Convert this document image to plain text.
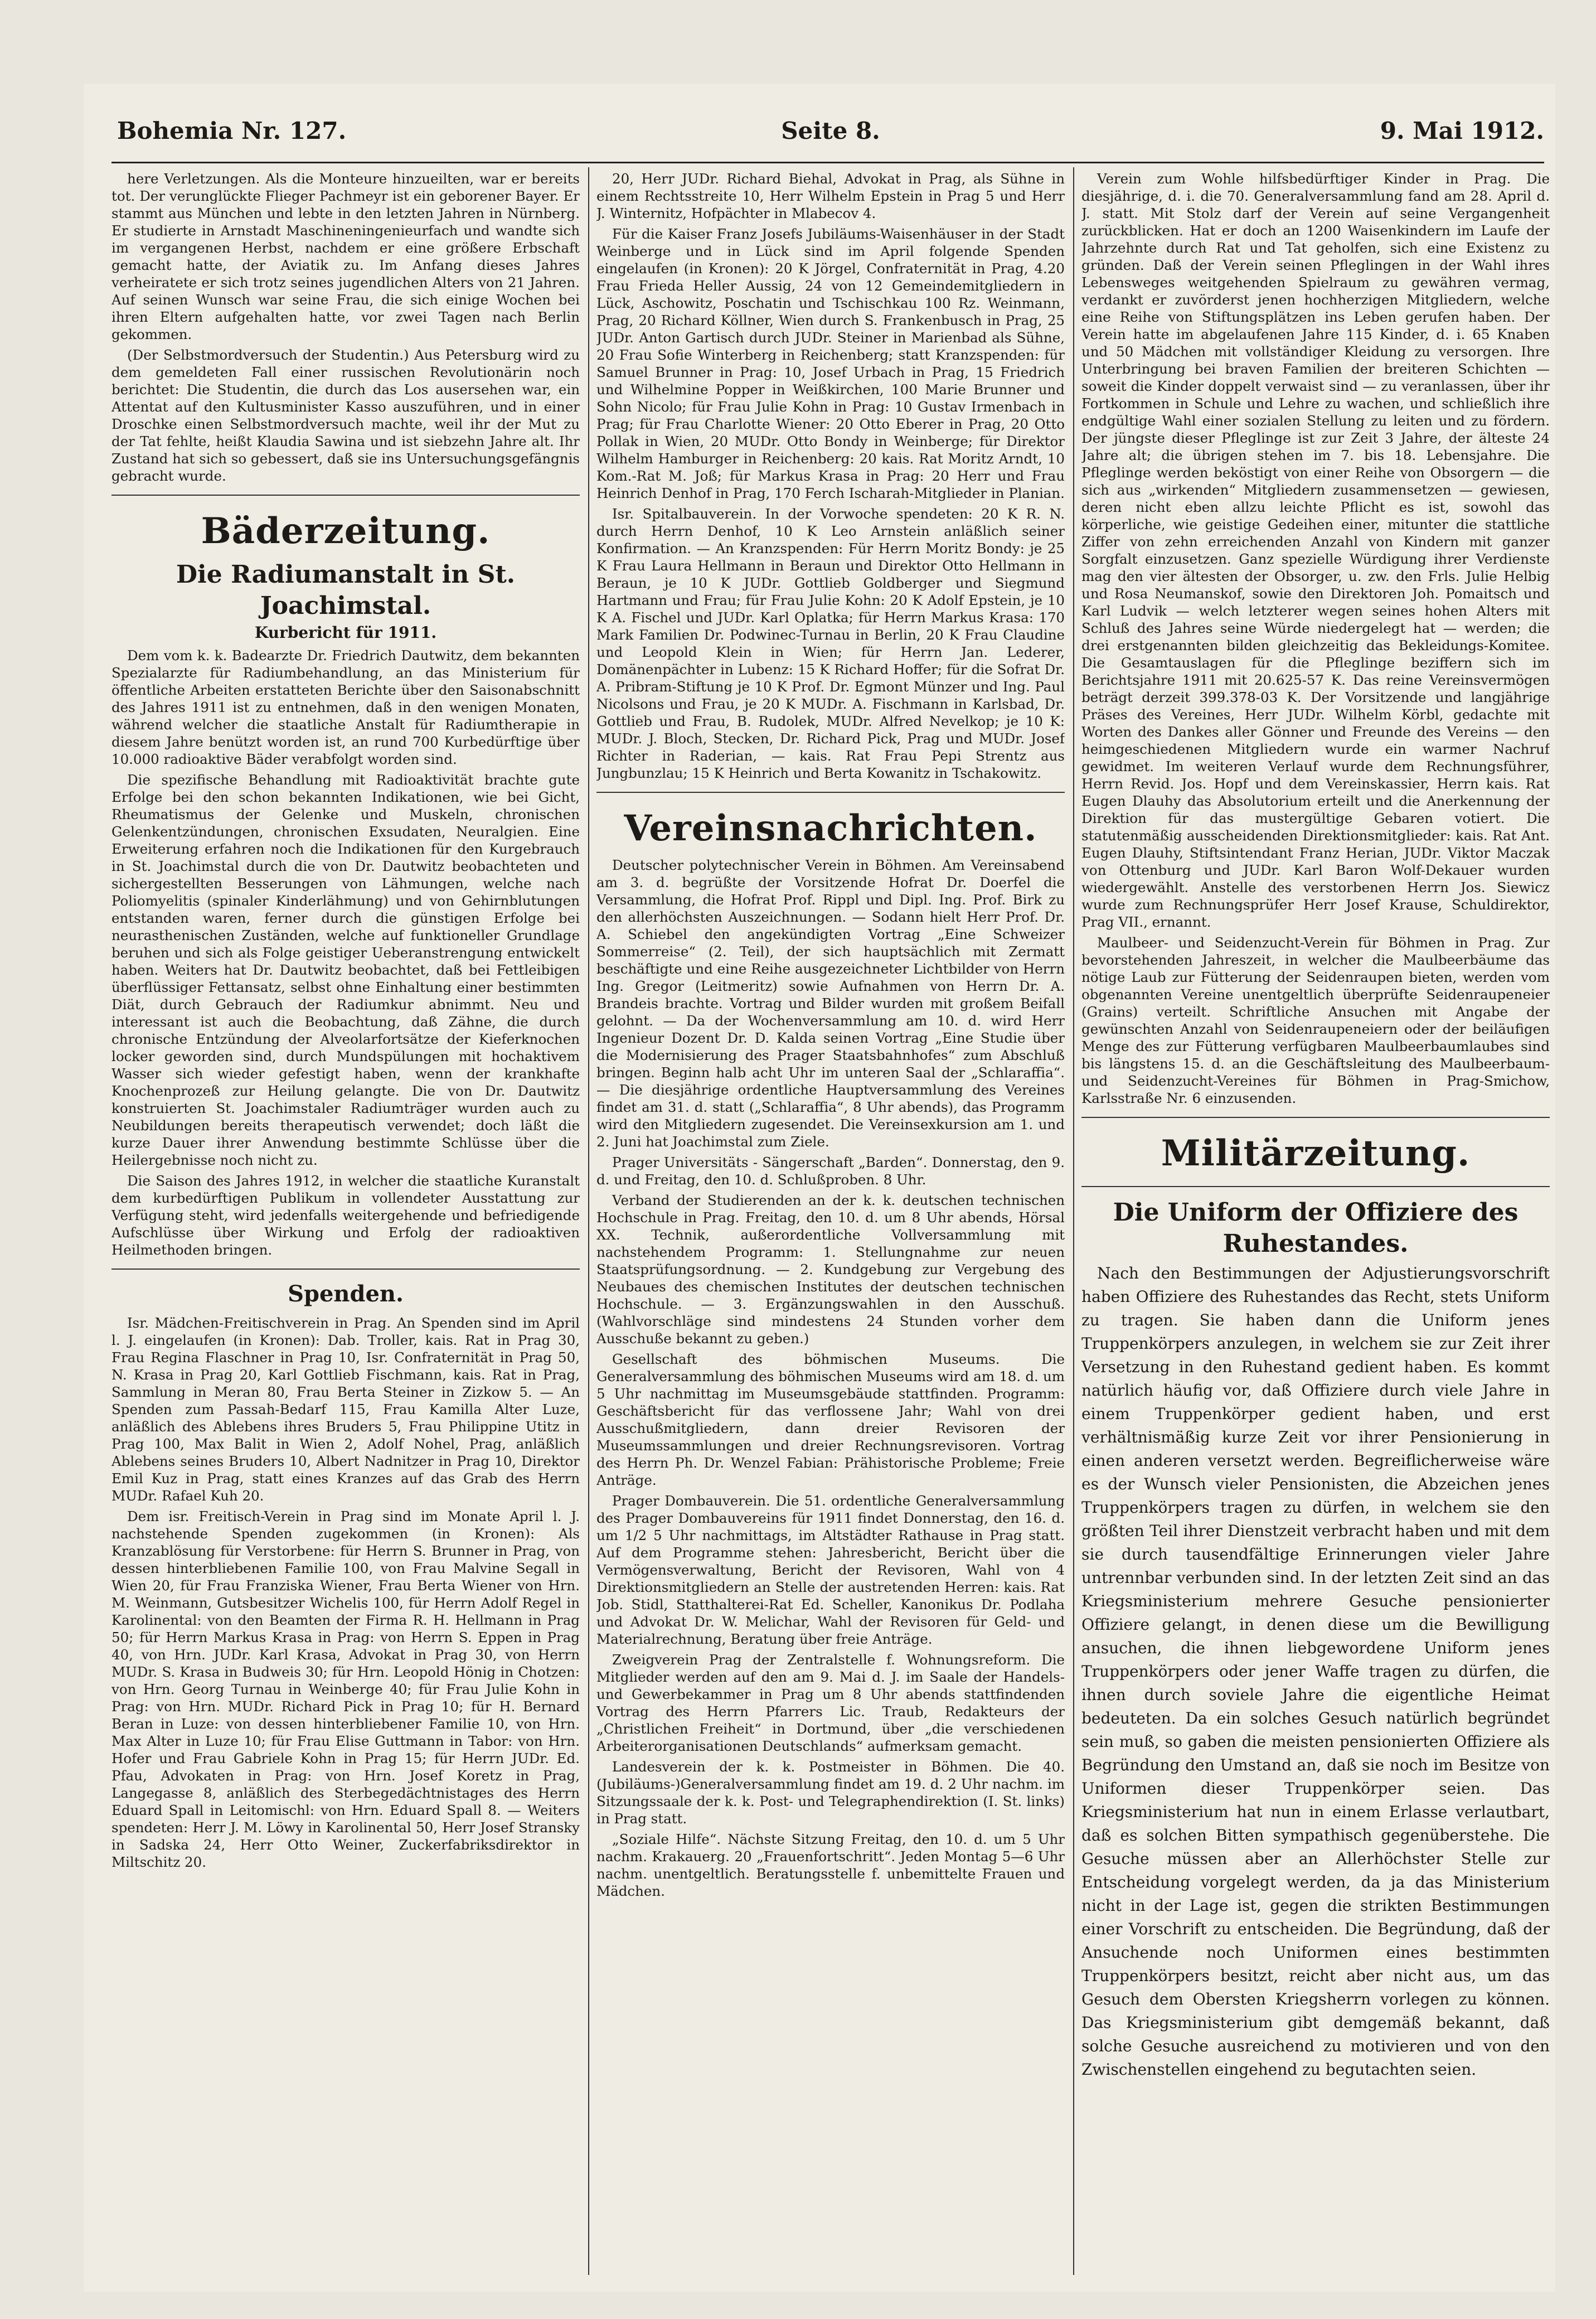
Bohemia Nr. 127.	Seite 8.	9. Mai 1912.

here Verletzungen. Als die Monteure hinzueilten, war er bereits tot. Der verunglückte Flieger Pachmeyr ist ein geborener Bayer. Er stammt aus München und lebte in den letzten Jahren in Nürnberg. Er studierte in Arnstadt Maschineningenieurfach und wandte sich im vergangenen Herbst, nachdem er eine größere Erbschaft gemacht hatte, der Aviatik zu. Im Anfang dieses Jahres verheiratete er sich trotz seines jugendlichen Alters von 21 Jahren. Auf seinen Wunsch war seine Frau, die sich einige Wochen bei ihren Eltern aufgehalten hatte, vor zwei Tagen nach Berlin gekommen.

(Der Selbstmordversuch der Studentin.) Aus Petersburg wird zu dem gemeldeten Fall einer russischen Revolutionärin noch berichtet: Die Studentin, die durch das Los ausersehen war, ein Attentat auf den Kultusminister Kasso auszuführen, und in einer Droschke einen Selbstmordversuch machte, weil ihr der Mut zu der Tat fehlte, heißt Klaudia Sawina und ist siebzehn Jahre alt. Ihr Zustand hat sich so gebessert, daß sie ins Untersuchungsgefängnis gebracht wurde.

Bäderzeitung.
Die Radiumanstalt in St. Joachimstal.
Kurbericht für 1911.

Dem vom k. k. Badearzte Dr. Friedrich Dautwitz, dem bekannten Spezialarzte für Radiumbehandlung, an das Ministerium für öffentliche Arbeiten erstatteten Berichte über den Saisonabschnitt des Jahres 1911 ist zu entnehmen, daß in den wenigen Monaten, während welcher die staatliche Anstalt für Radiumtherapie in diesem Jahre benützt worden ist, an rund 700 Kurbedürftige über 10.000 radioaktive Bäder verabfolgt worden sind.

Die spezifische Behandlung mit Radioaktivität brachte gute Erfolge bei den schon bekannten Indikationen, wie bei Gicht, Rheumatismus der Gelenke und Muskeln, chronischen Gelenkentzündungen, chronischen Exsudaten, Neuralgien. Eine Erweiterung erfahren noch die Indikationen für den Kurgebrauch in St. Joachimstal durch die von Dr. Dautwitz beobachteten und sichergestellten Besserungen von Lähmungen, welche nach Poliomyelitis (spinaler Kinderlähmung) und von Gehirnblutungen entstanden waren, ferner durch die günstigen Erfolge bei neurasthenischen Zuständen, welche auf funktioneller Grundlage beruhen und sich als Folge geistiger Ueberanstrengung entwickelt haben. Weiters hat Dr. Dautwitz beobachtet, daß bei Fettleibigen überflüssiger Fettansatz, selbst ohne Einhaltung einer bestimmten Diät, durch Gebrauch der Radiumkur abnimmt. Neu und interessant ist auch die Beobachtung, daß Zähne, die durch chronische Entzündung der Alveolarfortsätze der Kieferknochen locker geworden sind, durch Mundspülungen mit hochaktivem Wasser sich wieder gefestigt haben, wenn der krankhafte Knochenprozeß zur Heilung gelangte. Die von Dr. Dautwitz konstruierten St. Joachimstaler Radiumträger wurden auch zu Neubildungen bereits therapeutisch verwendet; doch läßt die kurze Dauer ihrer Anwendung bestimmte Schlüsse über die Heilergebnisse noch nicht zu.

Die Saison des Jahres 1912, in welcher die staatliche Kuranstalt dem kurbedürftigen Publikum in vollendeter Ausstattung zur Verfügung steht, wird jedenfalls weitergehende und befriedigende Aufschlüsse über Wirkung und Erfolg der radioaktiven Heilmethoden bringen.

Spenden.

Isr. Mädchen-Freitischverein in Prag. An Spenden sind im April l. J. eingelaufen (in Kronen): Dab. Troller, kais. Rat in Prag 30, Frau Regina Flaschner in Prag 10, Isr. Confraternität in Prag 50, N. Krasa in Prag 20, Karl Gottlieb Fischmann, kais. Rat in Prag, Sammlung in Meran 80, Frau Berta Steiner in Zizkow 5. — An Spenden zum Passah-Bedarf 115, Frau Kamilla Alter Luze, anläßlich des Ablebens ihres Bruders 5, Frau Philippine Utitz in Prag 100, Max Balit in Wien 2, Adolf Nohel, Prag, anläßlich Ablebens seines Bruders 10, Albert Nadnitzer in Prag 10, Direktor Emil Kuz in Prag, statt eines Kranzes auf das Grab des Herrn MUDr. Rafael Kuh 20.

Dem isr. Freitisch-Verein in Prag sind im Monate April l. J. nachstehende Spenden zugekommen (in Kronen): Als Kranzablösung für Verstorbene: für Herrn S. Brunner in Prag, von dessen hinterbliebenen Familie 100, von Frau Malvine Segall in Wien 20, für Frau Franziska Wiener, Frau Berta Wiener von Hrn. M. Weinmann, Gutsbesitzer Wichelis 100, für Herrn Adolf Regel in Karolinental: von den Beamten der Firma R. H. Hellmann in Prag 50; für Herrn Markus Krasa in Prag: von Herrn S. Eppen in Prag 40, von Hrn. JUDr. Karl Krasa, Advokat in Prag 30, von Herrn MUDr. S. Krasa in Budweis 30; für Hrn. Leopold Hönig in Chotzen: von Hrn. Georg Turnau in Weinberge 40; für Frau Julie Kohn in Prag: von Hrn. MUDr. Richard Pick in Prag 10; für H. Bernard Beran in Luze: von dessen hinterbliebener Familie 10, von Hrn. Max Alter in Luze 10; für Frau Elise Guttmann in Tabor: von Hrn. Hofer und Frau Gabriele Kohn in Prag 15; für Herrn JUDr. Ed. Pfau, Advokaten in Prag: von Hrn. Josef Koretz in Prag, Langegasse 8, anläßlich des Sterbegedächtnistages des Herrn Eduard Spall in Leitomischl: von Hrn. Eduard Spall 8. — Weiters spendeten: Herr J. M. Löwy in Karolinental 50, Herr Josef Stransky in Sadska 24, Herr Otto Weiner, Zuckerfabriksdirektor in Miltschitz 20.

20, Herr JUDr. Richard Biehal, Advokat in Prag, als Sühne in einem Rechtsstreite 10, Herr Wilhelm Epstein in Prag 5 und Herr J. Winternitz, Hofpächter in Mlabecov 4.

Für die Kaiser Franz Josefs Jubiläums-Waisenhäuser in der Stadt Weinberge und in Lück sind im April folgende Spenden eingelaufen (in Kronen): 20 K Jörgel, Confraternität in Prag, 4.20 Frau Frieda Heller Aussig, 24 von 12 Gemeindemitgliedern in Lück, Aschowitz, Poschatin und Tschischkau 100 Rz. Weinmann, Prag, 20 Richard Köllner, Wien durch S. Frankenbusch in Prag, 25 JUDr. Anton Gartisch durch JUDr. Steiner in Marienbad als Sühne, 20 Frau Sofie Winterberg in Reichenberg; statt Kranzspenden: für Samuel Brunner in Prag: 10, Josef Urbach in Prag, 15 Friedrich und Wilhelmine Popper in Weißkirchen, 100 Marie Brunner und Sohn Nicolo; für Frau Julie Kohn in Prag: 10 Gustav Irmenbach in Prag; für Frau Charlotte Wiener: 20 Otto Eberer in Prag, 20 Otto Pollak in Wien, 20 MUDr. Otto Bondy in Weinberge; für Direktor Wilhelm Hamburger in Reichenberg: 20 kais. Rat Moritz Arndt, 10 Kom.-Rat M. Joß; für Markus Krasa in Prag: 20 Herr und Frau Heinrich Denhof in Prag, 170 Ferch Ischarah-Mitglieder in Planian.

Isr. Spitalbauverein. In der Vorwoche spendeten: 20 K R. N. durch Herrn Denhof, 10 K Leo Arnstein anläßlich seiner Konfirmation. — An Kranzspenden: Für Herrn Moritz Bondy: je 25 K Frau Laura Hellmann in Beraun und Direktor Otto Hellmann in Beraun, je 10 K JUDr. Gottlieb Goldberger und Siegmund Hartmann und Frau; für Frau Julie Kohn: 20 K Adolf Epstein, je 10 K A. Fischel und JUDr. Karl Oplatka; für Herrn Markus Krasa: 170 Mark Familien Dr. Podwinec-Turnau in Berlin, 20 K Frau Claudine und Leopold Klein in Wien; für Herrn Jan. Lederer, Domänenpächter in Lubenz: 15 K Richard Hoffer; für die Sofrat Dr. A. Pribram-Stiftung je 10 K Prof. Dr. Egmont Münzer und Ing. Paul Nicolsons und Frau, je 20 K MUDr. A. Fischmann in Karlsbad, Dr. Gottlieb und Frau, B. Rudolek, MUDr. Alfred Nevelkop; je 10 K: MUDr. J. Bloch, Stecken, Dr. Richard Pick, Prag und MUDr. Josef Richter in Raderian, — kais. Rat Frau Pepi Strentz aus Jungbunzlau; 15 K Heinrich und Berta Kowanitz in Tschakowitz.

Vereinsnachrichten.

Deutscher polytechnischer Verein in Böhmen. Am Vereinsabend am 3. d. begrüßte der Vorsitzende Hofrat Dr. Doerfel die Versammlung, die Hofrat Prof. Rippl und Dipl. Ing. Prof. Birk zu den allerhöchsten Auszeichnungen. — Sodann hielt Herr Prof. Dr. A. Schiebel den angekündigten Vortrag „Eine Schweizer Sommerreise“ (2. Teil), der sich hauptsächlich mit Zermatt beschäftigte und eine Reihe ausgezeichneter Lichtbilder von Herrn Ing. Gregor (Leitmeritz) sowie Aufnahmen von Herrn Dr. A. Brandeis brachte. Vortrag und Bilder wurden mit großem Beifall gelohnt. — Da der Wochenversammlung am 10. d. wird Herr Ingenieur Dozent Dr. D. Kalda seinen Vortrag „Eine Studie über die Modernisierung des Prager Staatsbahnhofes“ zum Abschluß bringen. Beginn halb acht Uhr im unteren Saal der „Schlaraffia“. — Die diesjährige ordentliche Hauptversammlung des Vereines findet am 31. d. statt („Schlaraffia“, 8 Uhr abends), das Programm wird den Mitgliedern zugesendet. Die Vereinsexkursion am 1. und 2. Juni hat Joachimstal zum Ziele.

Prager Universitäts - Sängerschaft „Barden“. Donnerstag, den 9. d. und Freitag, den 10. d. Schlußproben. 8 Uhr.

Verband der Studierenden an der k. k. deutschen technischen Hochschule in Prag. Freitag, den 10. d. um 8 Uhr abends, Hörsal XX. Technik, außerordentliche Vollversammlung mit nachstehendem Programm: 1. Stellungnahme zur neuen Staatsprüfungsordnung. — 2. Kundgebung zur Vergebung des Neubaues des chemischen Institutes der deutschen technischen Hochschule. — 3. Ergänzungswahlen in den Ausschuß. (Wahlvorschläge sind mindestens 24 Stunden vorher dem Ausschuße bekannt zu geben.)

Gesellschaft des böhmischen Museums. Die Generalversammlung des böhmischen Museums wird am 18. d. um 5 Uhr nachmittag im Museumsgebäude stattfinden. Programm: Geschäftsbericht für das verflossene Jahr; Wahl von drei Ausschußmitgliedern, dann dreier Revisoren der Museumssammlungen und dreier Rechnungsrevisoren. Vortrag des Herrn Ph. Dr. Wenzel Fabian: Prähistorische Probleme; Freie Anträge.

Prager Dombauverein. Die 51. ordentliche Generalversammlung des Prager Dombauvereins für 1911 findet Donnerstag, den 16. d. um 1/2 5 Uhr nachmittags, im Altstädter Rathause in Prag statt. Auf dem Programme stehen: Jahresbericht, Bericht über die Vermögensverwaltung, Bericht der Revisoren, Wahl von 4 Direktionsmitgliedern an Stelle der austretenden Herren: kais. Rat Job. Stidl, Statthalterei-Rat Ed. Scheller, Kanonikus Dr. Podlaha und Advokat Dr. W. Melichar, Wahl der Revisoren für Geld- und Materialrechnung, Beratung über freie Anträge.

Zweigverein Prag der Zentralstelle f. Wohnungsreform. Die Mitglieder werden auf den am 9. Mai d. J. im Saale der Handels- und Gewerbekammer in Prag um 8 Uhr abends stattfindenden Vortrag des Herrn Pfarrers Lic. Traub, Redakteurs der „Christlichen Freiheit“ in Dortmund, über „die verschiedenen Arbeiterorganisationen Deutschlands“ aufmerksam gemacht.

Landesverein der k. k. Postmeister in Böhmen. Die 40. (Jubiläums-)Generalversammlung findet am 19. d. 2 Uhr nachm. im Sitzungssaale der k. k. Post- und Telegraphendirektion (I. St. links) in Prag statt.

„Soziale Hilfe“. Nächste Sitzung Freitag, den 10. d. um 5 Uhr nachm. Krakauerg. 20 „Frauenfortschritt“. Jeden Montag 5—6 Uhr nachm. unentgeltlich. Beratungsstelle f. unbemittelte Frauen und Mädchen.

Verein zum Wohle hilfsbedürftiger Kinder in Prag. Die diesjährige, d. i. die 70. Generalversammlung fand am 28. April d. J. statt. Mit Stolz darf der Verein auf seine Vergangenheit zurückblicken. Hat er doch an 1200 Waisenkindern im Laufe der Jahrzehnte durch Rat und Tat geholfen, sich eine Existenz zu gründen. Daß der Verein seinen Pfleglingen in der Wahl ihres Lebensweges weitgehenden Spielraum zu gewähren vermag, verdankt er zuvörderst jenen hochherzigen Mitgliedern, welche eine Reihe von Stiftungsplätzen ins Leben gerufen haben. Der Verein hatte im abgelaufenen Jahre 115 Kinder, d. i. 65 Knaben und 50 Mädchen mit vollständiger Kleidung zu versorgen. Ihre Unterbringung bei braven Familien der breiteren Schichten — soweit die Kinder doppelt verwaist sind — zu veranlassen, über ihr Fortkommen in Schule und Lehre zu wachen, und schließlich ihre endgültige Wahl einer sozialen Stellung zu leiten und zu fördern. Der jüngste dieser Pfleglinge ist zur Zeit 3 Jahre, der älteste 24 Jahre alt; die übrigen stehen im 7. bis 18. Lebensjahre. Die Pfleglinge werden beköstigt von einer Reihe von Obsorgern — die sich aus „wirkenden“ Mitgliedern zusammensetzen — gewiesen, deren nicht eben allzu leichte Pflicht es ist, sowohl das körperliche, wie geistige Gedeihen einer, mitunter die stattliche Ziffer von zehn erreichenden Anzahl von Kindern mit ganzer Sorgfalt einzusetzen. Ganz spezielle Würdigung ihrer Verdienste mag den vier ältesten der Obsorger, u. zw. den Frls. Julie Helbig und Rosa Neumanskof, sowie den Direktoren Joh. Pomaitsch und Karl Ludvik — welch letzterer wegen seines hohen Alters mit Schluß des Jahres seine Würde niedergelegt hat — werden; die drei erstgenannten bilden gleichzeitig das Bekleidungs-Komitee. Die Gesamtauslagen für die Pfleglinge beziffern sich im Berichtsjahre 1911 mit 20.625-57 K. Das reine Vereinsvermögen beträgt derzeit 399.378-03 K. Der Vorsitzende und langjährige Präses des Vereines, Herr JUDr. Wilhelm Körbl, gedachte mit Worten des Dankes aller Gönner und Freunde des Vereins — den heimgeschiedenen Mitgliedern wurde ein warmer Nachruf gewidmet. Im weiteren Verlauf wurde dem Rechnungsführer, Herrn Revid. Jos. Hopf und dem Vereinskassier, Herrn kais. Rat Eugen Dlauhy das Absolutorium erteilt und die Anerkennung der Direktion für das mustergültige Gebaren votiert. Die statutenmäßig ausscheidenden Direktionsmitglieder: kais. Rat Ant. Eugen Dlauhy, Stiftsintendant Franz Herian, JUDr. Viktor Maczak von Ottenburg und JUDr. Karl Baron Wolf-Dekauer wurden wiedergewählt. Anstelle des verstorbenen Herrn Jos. Siewicz wurde zum Rechnungsprüfer Herr Josef Krause, Schuldirektor, Prag VII., ernannt.

Maulbeer- und Seidenzucht-Verein für Böhmen in Prag. Zur bevorstehenden Jahreszeit, in welcher die Maulbeerbäume das nötige Laub zur Fütterung der Seidenraupen bieten, werden vom obgenannten Vereine unentgeltlich überprüfte Seidenraupeneier (Grains) verteilt. Schriftliche Ansuchen mit Angabe der gewünschten Anzahl von Seidenraupeneiern oder der beiläufigen Menge des zur Fütterung verfügbaren Maulbeerbaumlaubes sind bis längstens 15. d. an die Geschäftsleitung des Maulbeerbaum- und Seidenzucht-Vereines für Böhmen in Prag-Smichow, Karlsstraße Nr. 6 einzusenden.

Militärzeitung.
Die Uniform der Offiziere des Ruhestandes.

Nach den Bestimmungen der Adjustierungsvorschrift haben Offiziere des Ruhestandes das Recht, stets Uniform zu tragen. Sie haben dann die Uniform jenes Truppenkörpers anzulegen, in welchem sie zur Zeit ihrer Versetzung in den Ruhestand gedient haben. Es kommt natürlich häufig vor, daß Offiziere durch viele Jahre in einem Truppenkörper gedient haben, und erst verhältnismäßig kurze Zeit vor ihrer Pensionierung in einen anderen versetzt werden. Begreiflicherweise wäre es der Wunsch vieler Pensionisten, die Abzeichen jenes Truppenkörpers tragen zu dürfen, in welchem sie den größten Teil ihrer Dienstzeit verbracht haben und mit dem sie durch tausendfältige Erinnerungen vieler Jahre untrennbar verbunden sind. In der letzten Zeit sind an das Kriegsministerium mehrere Gesuche pensionierter Offiziere gelangt, in denen diese um die Bewilligung ansuchen, die ihnen liebgewordene Uniform jenes Truppenkörpers oder jener Waffe tragen zu dürfen, die ihnen durch soviele Jahre die eigentliche Heimat bedeuteten. Da ein solches Gesuch natürlich begründet sein muß, so gaben die meisten pensionierten Offiziere als Begründung den Umstand an, daß sie noch im Besitze von Uniformen dieser Truppenkörper seien. Das Kriegsministerium hat nun in einem Erlasse verlautbart, daß es solchen Bitten sympathisch gegenüberstehe. Die Gesuche müssen aber an Allerhöchster Stelle zur Entscheidung vorgelegt werden, da ja das Ministerium nicht in der Lage ist, gegen die strikten Bestimmungen einer Vorschrift zu entscheiden. Die Begründung, daß der Ansuchende noch Uniformen eines bestimmten Truppenkörpers besitzt, reicht aber nicht aus, um das Gesuch dem Obersten Kriegsherrn vorlegen zu können. Das Kriegsministerium gibt demgemäß bekannt, daß solche Gesuche ausreichend zu motivieren und von den Zwischenstellen eingehend zu begutachten seien.
